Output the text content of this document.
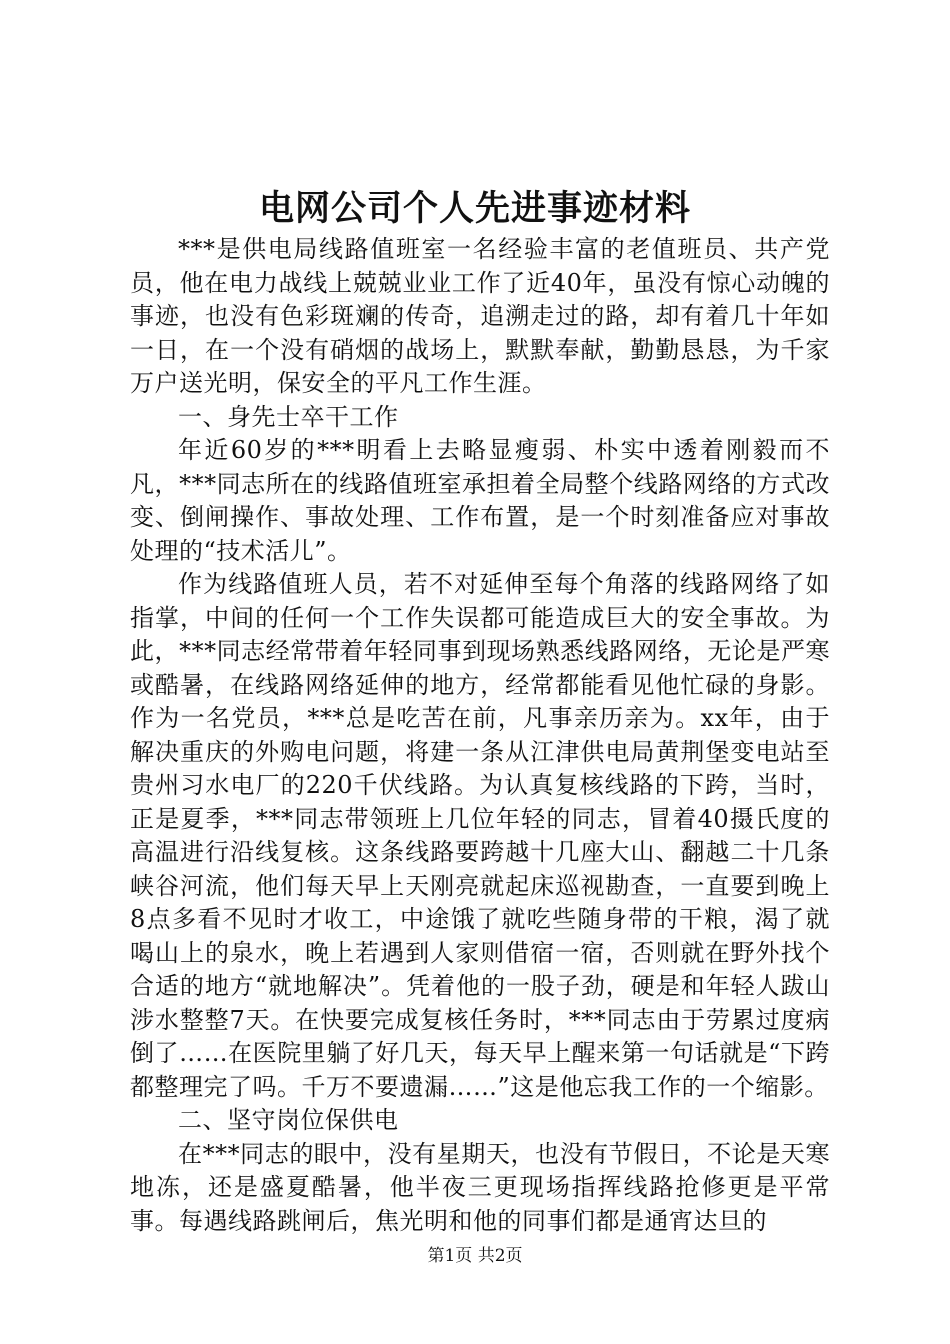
电网公司个人先进事迹材料

***是供电局线路值班室一名经验丰富的老值班员、共产党员，他在电力战线上兢兢业业工作了近40年，虽没有惊心动魄的事迹，也没有色彩斑斓的传奇，追溯走过的路，却有着几十年如一日，在一个没有硝烟的战场上，默默奉献，勤勤恳恳，为千家万户送光明，保安全的平凡工作生涯。

一、身先士卒干工作

年近60岁的***明看上去略显瘦弱、朴实中透着刚毅而不凡，***同志所在的线路值班室承担着全局整个线路网络的方式改变、倒闸操作、事故处理、工作布置，是一个时刻准备应对事故处理的“技术活儿”。

作为线路值班人员，若不对延伸至每个角落的线路网络了如指掌，中间的任何一个工作失误都可能造成巨大的安全事故。为此，***同志经常带着年轻同事到现场熟悉线路网络，无论是严寒或酷暑，在线路网络延伸的地方，经常都能看见他忙碌的身影。作为一名党员，***总是吃苦在前，凡事亲历亲为。xx年，由于解决重庆的外购电问题，将建一条从江津供电局黄荆堡变电站至贵州习水电厂的220千伏线路。为认真复核线路的下跨，当时，正是夏季，***同志带领班上几位年轻的同志，冒着40摄氏度的高温进行沿线复核。这条线路要跨越十几座大山、翻越二十几条峡谷河流，他们每天早上天刚亮就起床巡视勘查，一直要到晚上8点多看不见时才收工，中途饿了就吃些随身带的干粮，渴了就喝山上的泉水，晚上若遇到人家则借宿一宿，否则就在野外找个合适的地方“就地解决”。凭着他的一股子劲，硬是和年轻人跋山涉水整整7天。在快要完成复核任务时，***同志由于劳累过度病倒了……在医院里躺了好几天，每天早上醒来第一句话就是“下跨都整理完了吗。千万不要遗漏……”这是他忘我工作的一个缩影。

二、坚守岗位保供电

在***同志的眼中，没有星期天，也没有节假日，不论是天寒地冻，还是盛夏酷暑，他半夜三更现场指挥线路抢修更是平常事。每遇线路跳闸后，焦光明和他的同事们都是通宵达旦的

第1页 共2页
